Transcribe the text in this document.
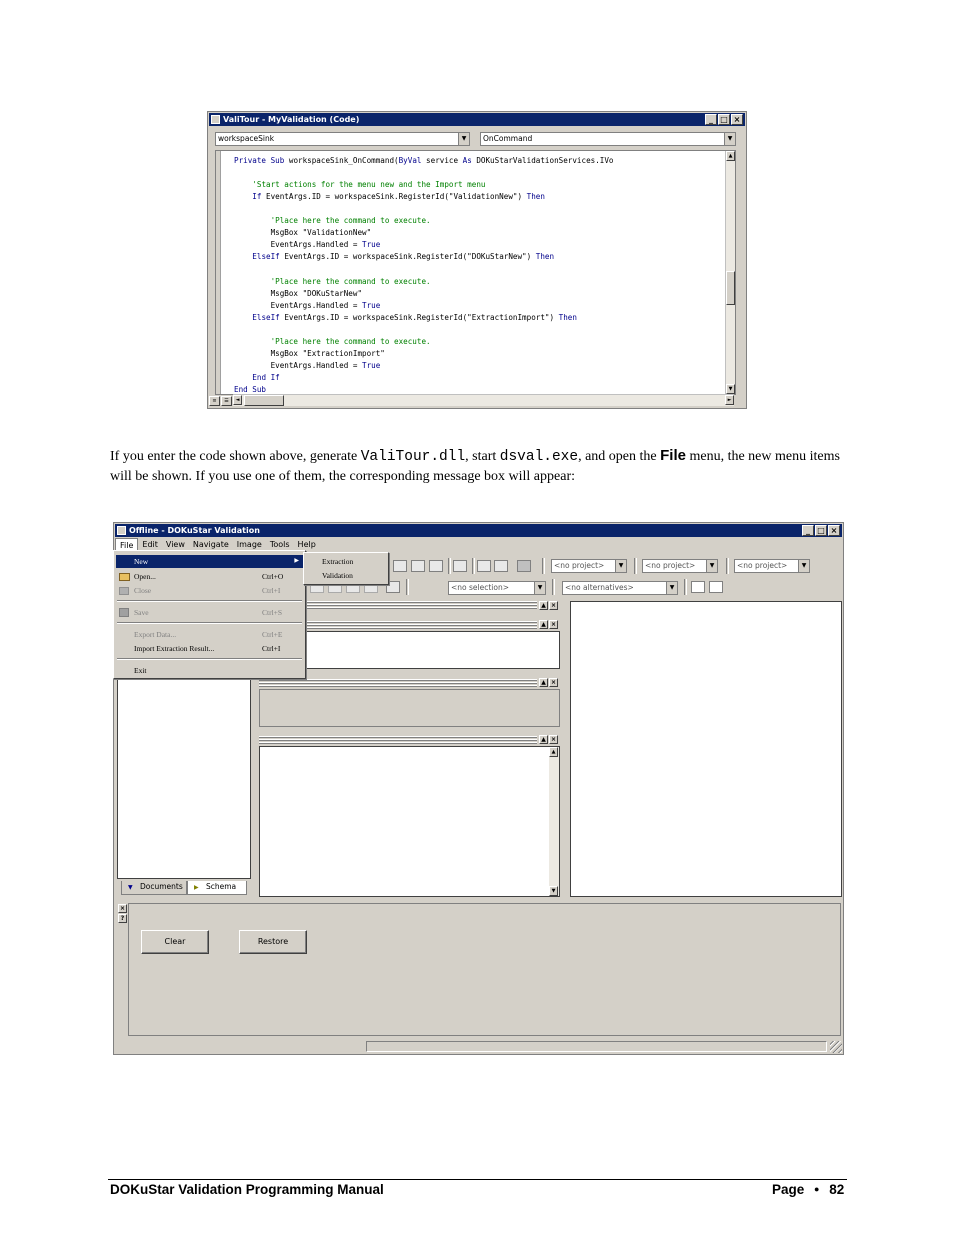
ValiTour - MyValidation (Code)	_ □ ×
workspaceSink	▼	OnCommand	▼
Private Sub workspaceSink_OnCommand(ByVal service As DOKuStarValidationServices.IVo
'Start actions for the menu new and the Import menu
If EventArgs.ID = workspaceSink.RegisterId("ValidationNew") Then
'Place here the command to execute.
MsgBox "ValidationNew"
EventArgs.Handled = True
ElseIf EventArgs.ID = workspaceSink.RegisterId("DOKuStarNew") Then
'Place here the command to execute.
MsgBox "DOKuStarNew"
EventArgs.Handled = True
ElseIf EventArgs.ID = workspaceSink.RegisterId("ExtractionImport") Then
'Place here the command to execute.
MsgBox "ExtractionImport"
EventArgs.Handled = True
End If
End Sub
▲
▼
≡	☰	◄	►
If you enter the code shown above, generate ValiTour.dll, start dsval.exe, and open the File menu, the new menu items will be shown. If you use one of them, the corresponding message box will appear:
Offline - DOKuStar Validation	_ □ ×
File	Edit	View	Navigate	Image	Tools	Help
<no project>	▼	<no project>	▼	<no project>	▼
<no selection>	▼	<no alternatives>	▼
▼ Documents	▶ Schema
▲ ×
▲ ×
▲ ×
▲ ×
▲
▼
×
?
Clear	Restore
New	▶
Open...	Ctrl+O
Close	Ctrl+I
Save	Ctrl+S
Export Data...	Ctrl+E
Import Extraction Result...	Ctrl+I
Exit
Extraction
Validation
DOKuStar Validation Programming Manual	Page ● 82
